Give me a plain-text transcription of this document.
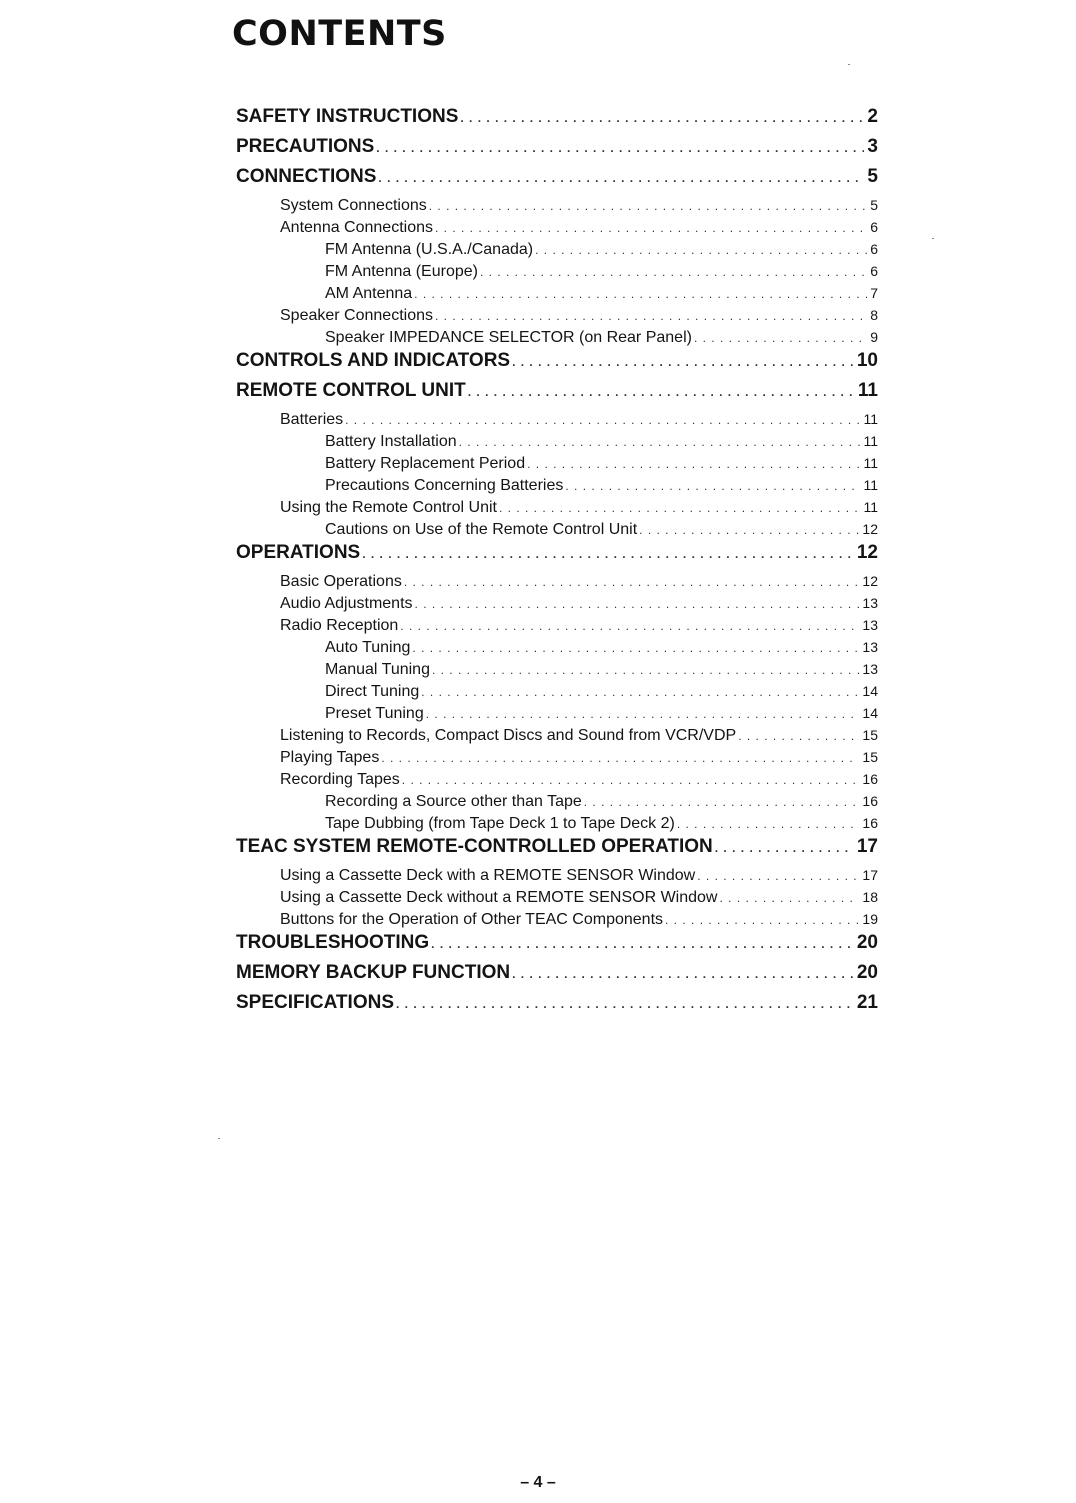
CONTENTS
SAFETY INSTRUCTIONS . . .	2
PRECAUTIONS . . .	3
CONNECTIONS . . .	5
System Connections . . .	5
Antenna Connections . . .	6
FM Antenna (U.S.A./Canada) . . .	6
FM Antenna (Europe) . . .	6
AM Antenna . . .	7
Speaker Connections . . .	8
Speaker IMPEDANCE SELECTOR (on Rear Panel) . . .	9
CONTROLS AND INDICATORS . . .	10
REMOTE CONTROL UNIT . . .	11
Batteries . . .	11
Battery Installation . . .	11
Battery Replacement Period . . .	11
Precautions Concerning Batteries . . .	11
Using the Remote Control Unit . . .	11
Cautions on Use of the Remote Control Unit . . .	12
OPERATIONS . . .	12
Basic Operations . . .	12
Audio Adjustments . . .	13
Radio Reception . . .	13
Auto Tuning . . .	13
Manual Tuning . . .	13
Direct Tuning . . .	14
Preset Tuning . . .	14
Listening to Records, Compact Discs and Sound from VCR/VDP . . .	15
Playing Tapes . . .	15
Recording Tapes . . .	16
Recording a Source other than Tape . . .	16
Tape Dubbing (from Tape Deck 1 to Tape Deck 2) . . .	16
TEAC SYSTEM REMOTE-CONTROLLED OPERATION . . .	17
Using a Cassette Deck with a REMOTE SENSOR Window . . .	17
Using a Cassette Deck without a REMOTE SENSOR Window . . .	18
Buttons for the Operation of Other TEAC Components . . .	19
TROUBLESHOOTING . . .	20
MEMORY BACKUP FUNCTION . . .	20
SPECIFICATIONS . . .	21
– 4 –
